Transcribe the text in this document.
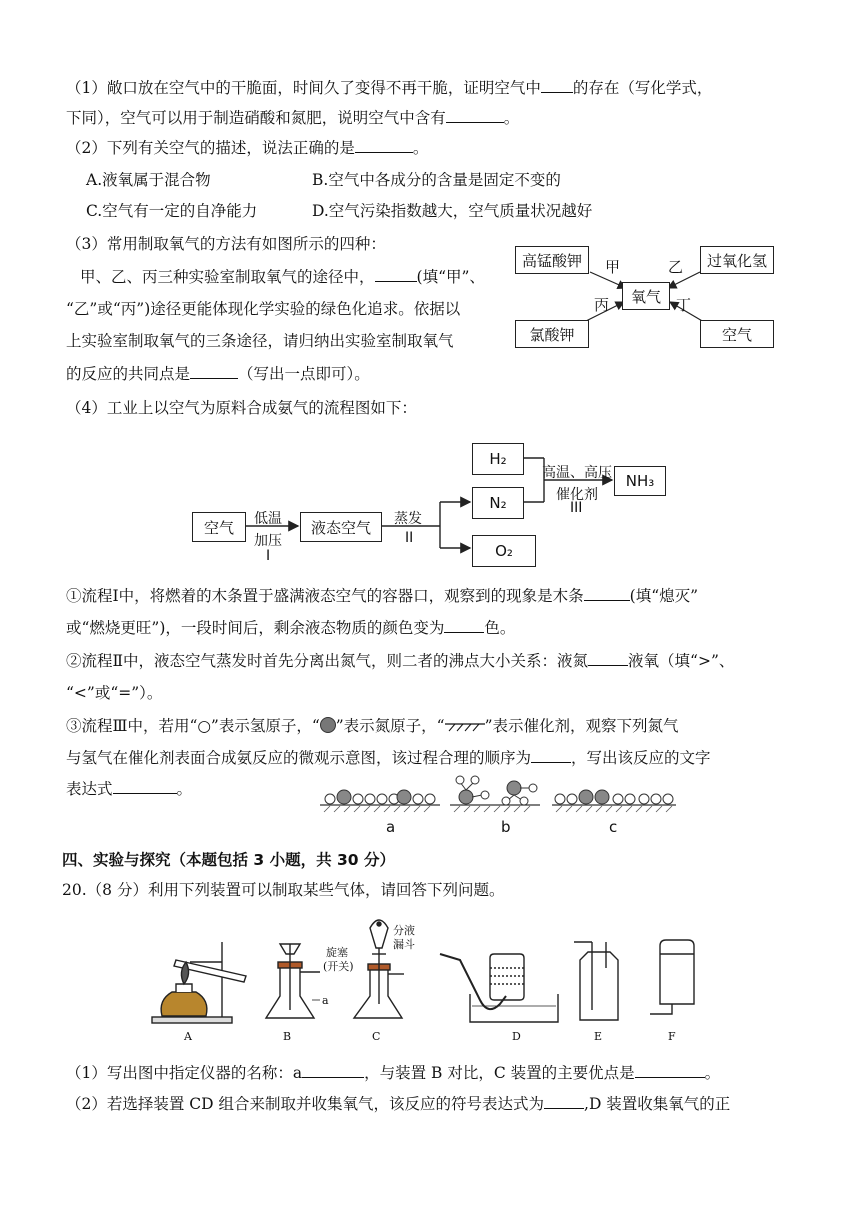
（1）敞口放在空气中的干脆面，时间久了变得不再干脆，证明空气中 的存在（写化学式，
下同），空气可以用于制造硝酸和氮肥，说明空气中含有	。
（2）下列有关空气的描述，说法正确的是	。
A.液氧属于混合物	B.空气中各成分的含量是固定不变的
C.空气有一定的自净能力	D.空气污染指数越大，空气质量状况越好
（3）常用制取氧气的方法有如图所示的四种：
甲、乙、丙三种实验室制取氧气的途径中，	(填“甲”、
“乙”或“丙”)途径更能体现化学实验的绿色化追求。依据以
上实验室制取氧气的三条途径，请归纳出实验室制取氧气
的反应的共同点是	（写出一点即可）。
高锰酸钾	过氧化氢
氧气
氯酸钾	空气
甲	乙
丙	丁
（4）工业上以空气为原料合成氨气的流程图如下：
空气	液态空气
H₂
N₂
O₂
NH₃
低温
加压
I
蒸发
II
高温、高压
催化剂
III
①流程Ⅰ中，将燃着的木条置于盛满液态空气的容器口，观察到的现象是木条	(填“熄灭”
或“燃烧更旺”)，一段时间后，剩余液态物质的颜色变为	色。
②流程Ⅱ中，液态空气蒸发时首先分离出氮气，则二者的沸点大小关系：液氮	液氧（填“>”、
“<”或“=”）。
③流程Ⅲ中，若用“○”表示氢原子，“ ”表示氮原子，“	”表示催化剂，观察下列氮气
与氢气在催化剂表面合成氨反应的微观示意图，该过程合理的顺序为	，写出该反应的文字
表达式	。
a	b	c
四、实验与探究（本题包括 3 小题，共 30 分）
20.（8 分）利用下列装置可以制取某些气体，请回答下列问题。
A	B	C	D	E	F
a
分液
漏斗
旋塞
(开关)
（1）写出图中指定仪器的名称：a	，与装置 B 对比，C 装置的主要优点是	。
（2）若选择装置 CD 组合来制取并收集氧气，该反应的符号表达式为	,D 装置收集氧气的正
